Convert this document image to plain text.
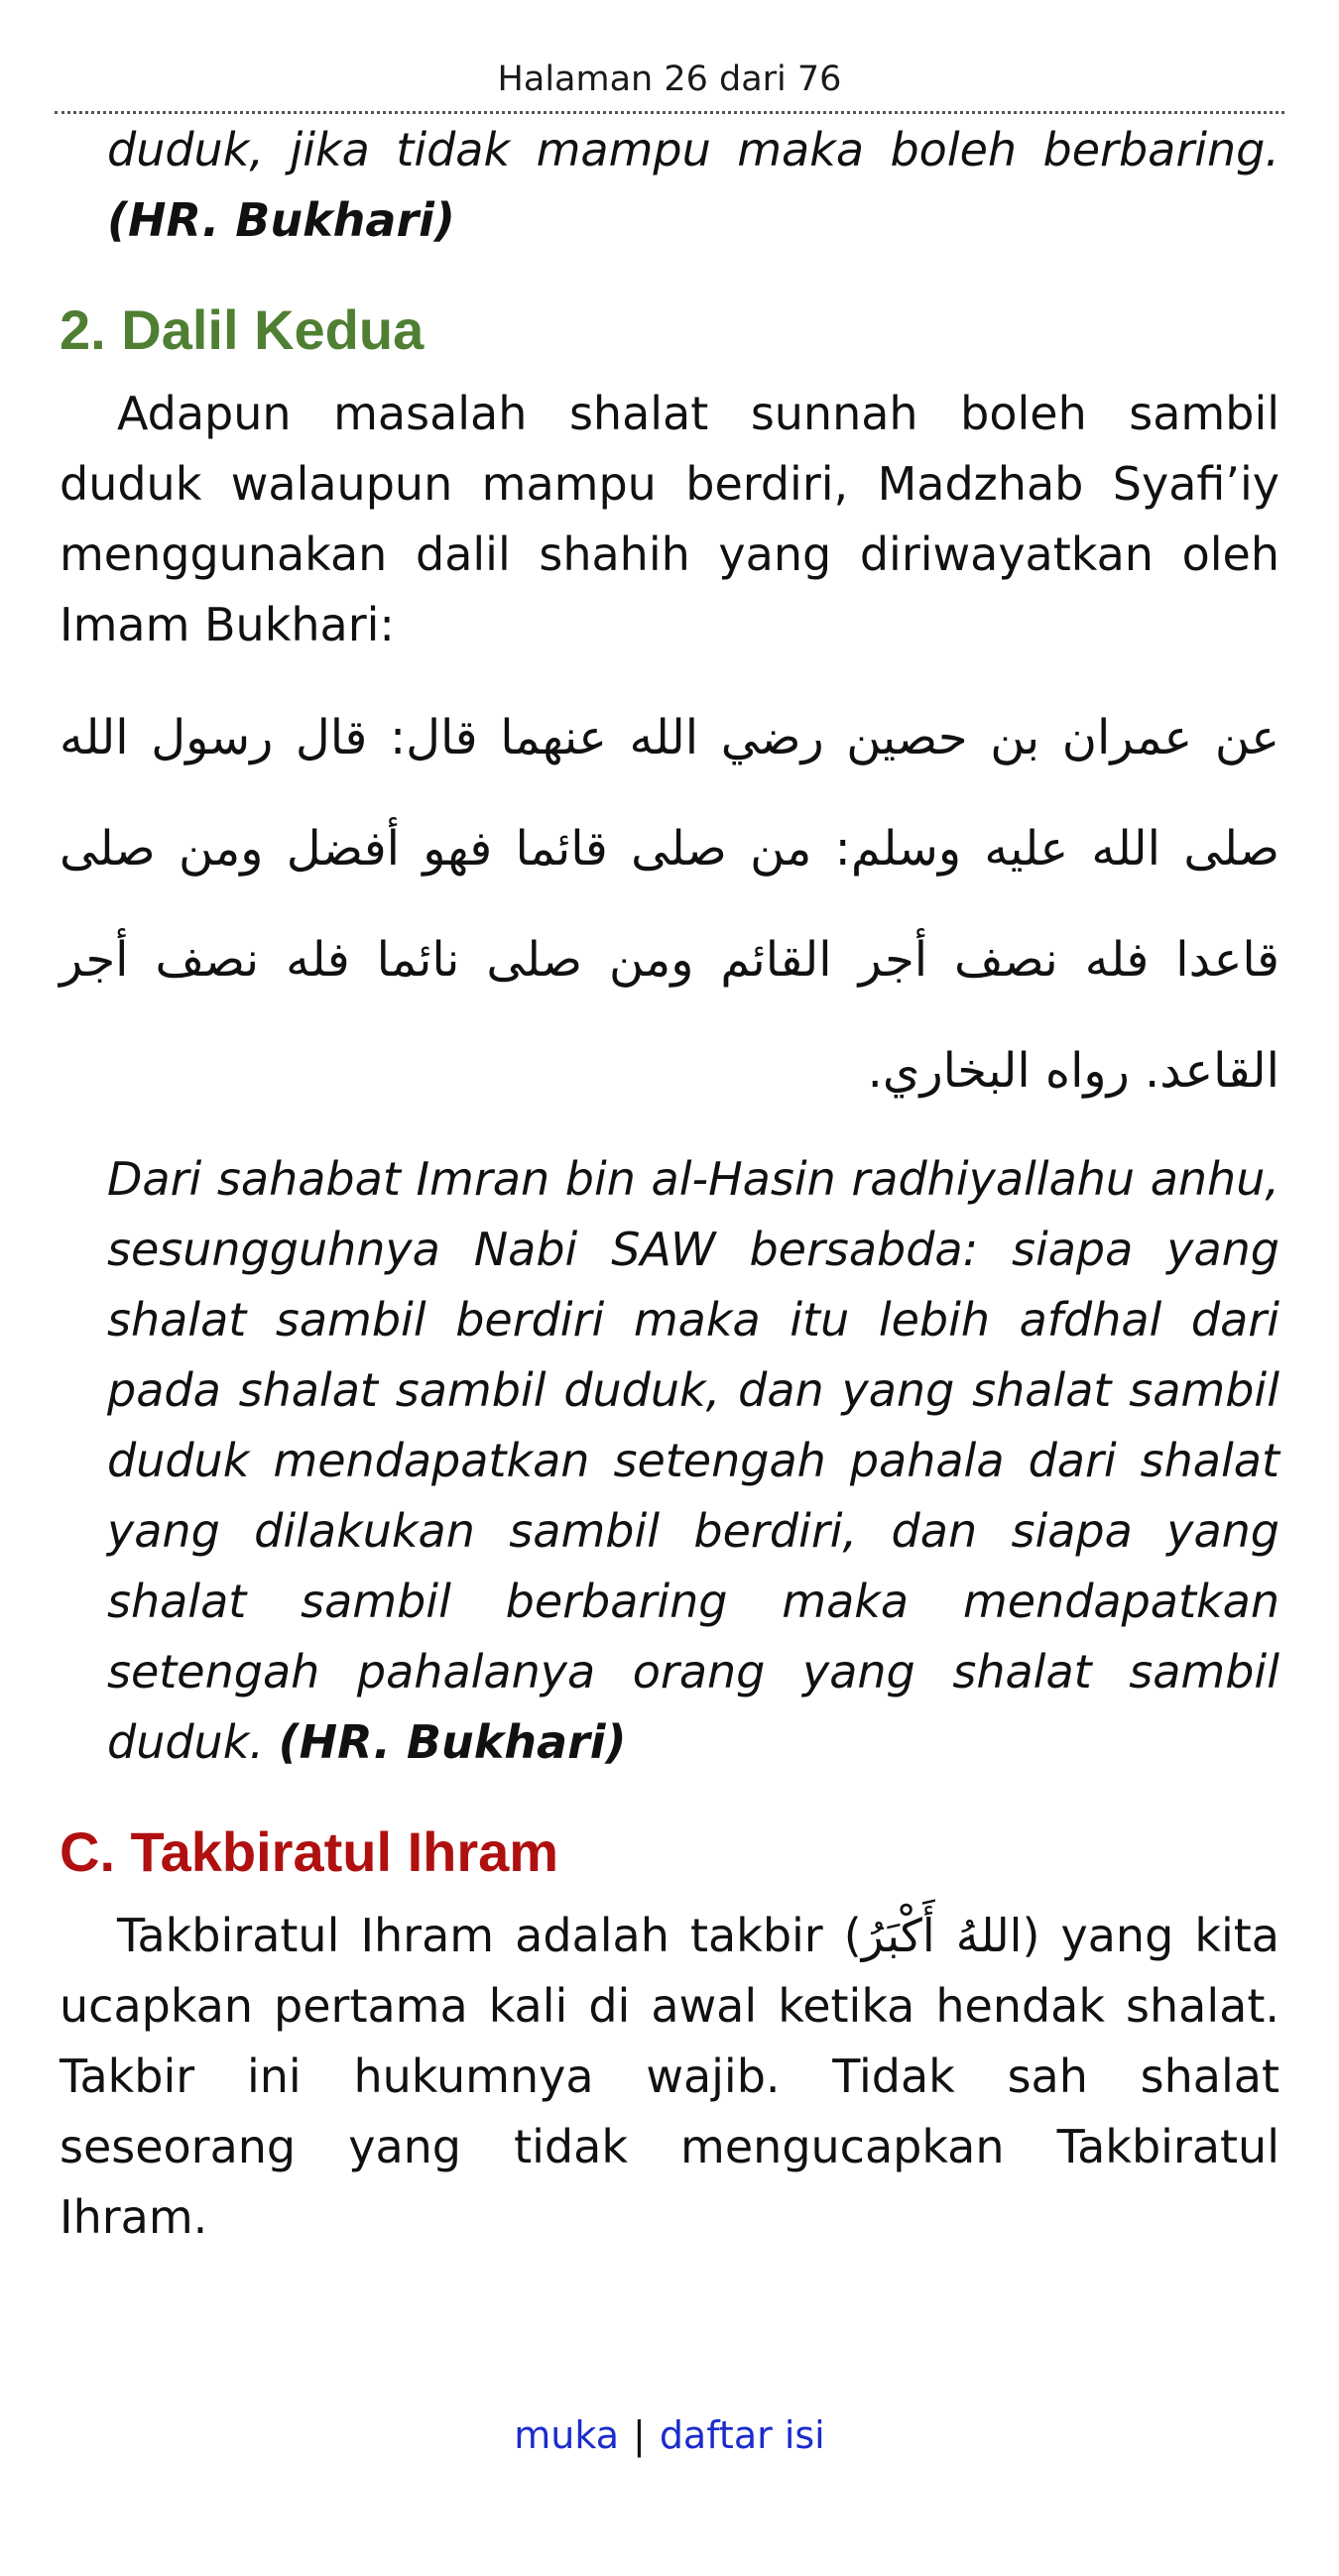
Halaman 26 dari 76

duduk, jika tidak mampu maka boleh berbaring.(HR. Bukhari)

2. Dalil Kedua

Adapun masalah shalat sunnah boleh sambil duduk walaupun mampu berdiri, Madzhab Syafi’iy menggunakan dalil shahih yang diriwayatkan oleh Imam Bukhari:

عن عمران بن حصين رضي الله عنهما قال: قال رسول الله صلى الله عليه وسلم: من صلى قائما فهو أفضل ومن صلى قاعدا فله نصف أجر القائم ومن صلى نائما فله نصف أجر القاعد. رواه البخاري.

Dari sahabat Imran bin al-Hasin radhiyallahu anhu, sesungguhnya Nabi SAW bersabda: siapa yang shalat sambil berdiri maka itu lebih afdhal dari pada shalat sambil duduk, dan yang shalat sambil duduk mendapatkan setengah pahala dari shalat yang dilakukan sambil berdiri, dan siapa yang shalat sambil berbaring maka mendapatkan setengah pahalanya orang yang shalat sambil duduk. (HR. Bukhari)

C. Takbiratul Ihram

Takbiratul Ihram adalah takbir (اللهُ أَكْبَرُ) yang kita ucapkan pertama kali di awal ketika hendak shalat. Takbir ini hukumnya wajib. Tidak sah shalat seseorang yang tidak mengucapkan Takbiratul Ihram.

muka | daftar isi
